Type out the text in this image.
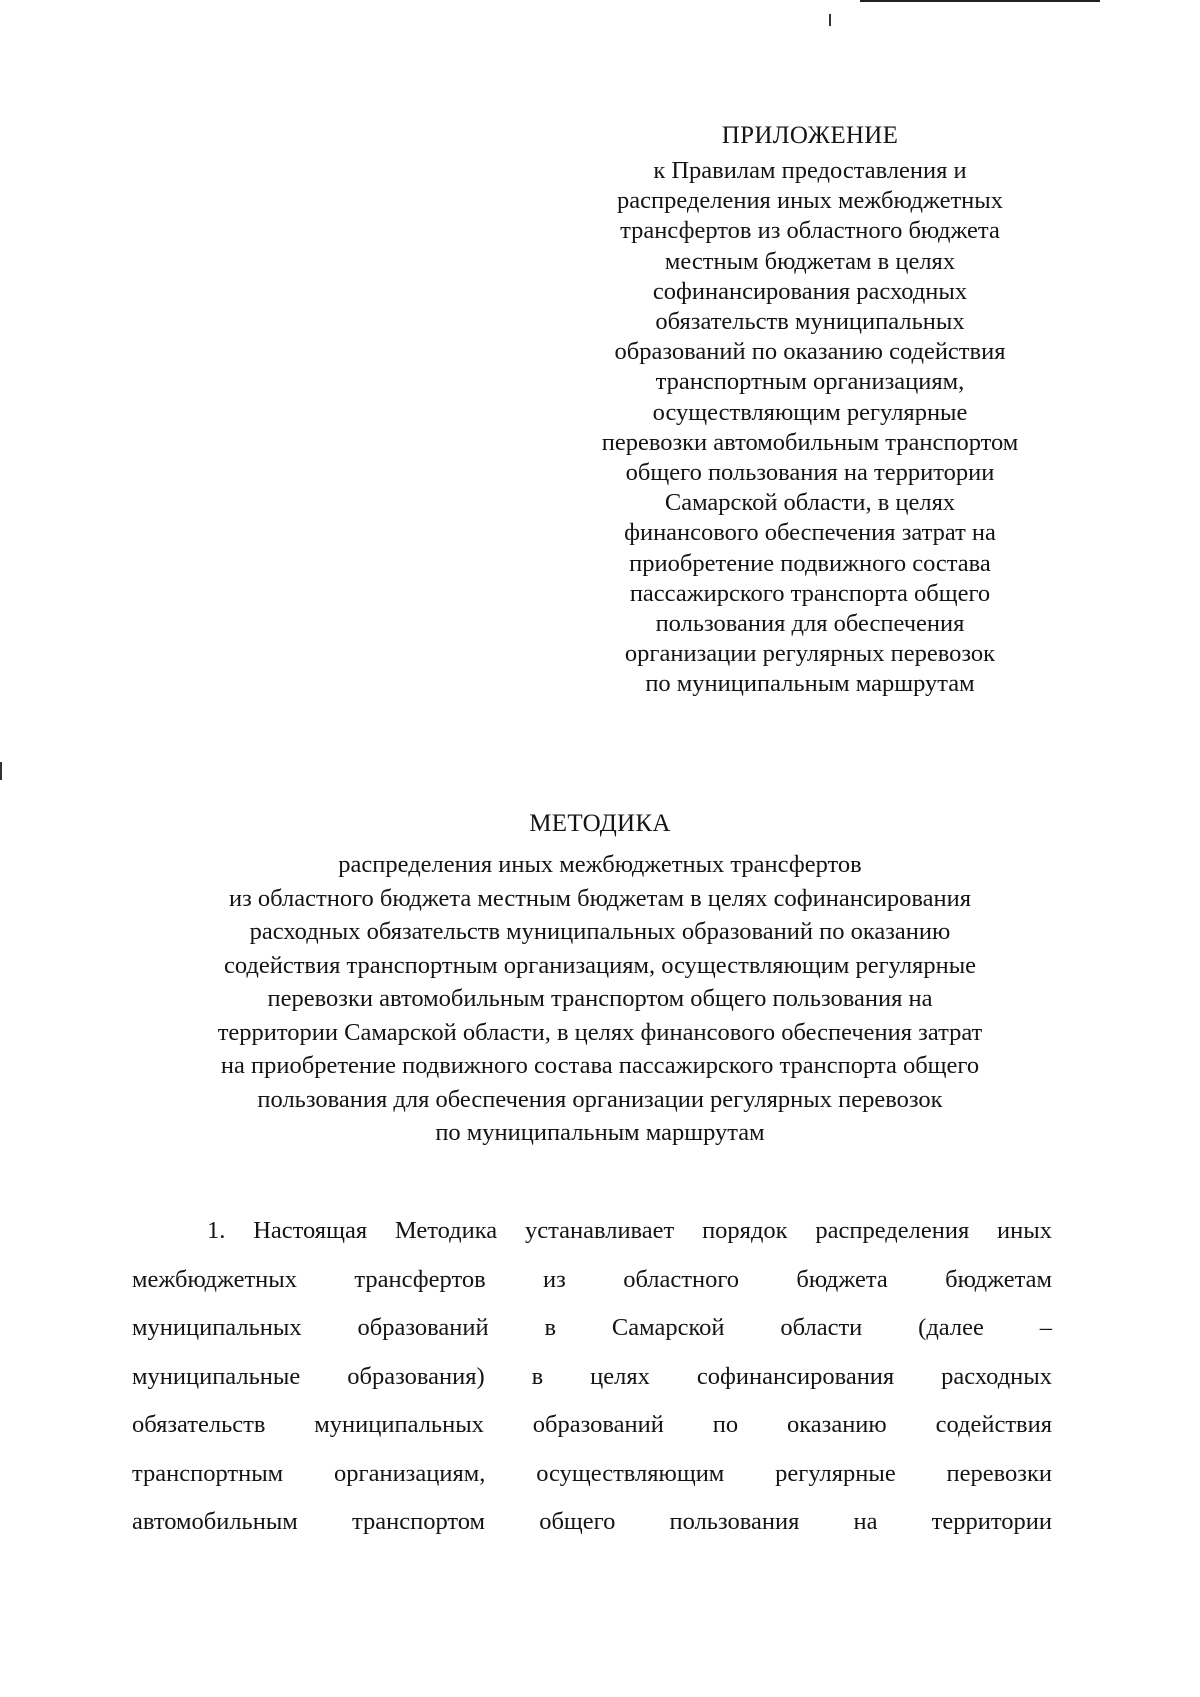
ПРИЛОЖЕНИЕ
к Правилам предоставления и
распределения иных межбюджетных
трансфертов из областного бюджета
местным бюджетам в целях
софинансирования расходных
обязательств муниципальных
образований по оказанию содействия
транспортным организациям,
осуществляющим регулярные
перевозки автомобильным транспортом
общего пользования на территории
Самарской области, в целях
финансового обеспечения затрат на
приобретение подвижного состава
пассажирского транспорта общего
пользования для обеспечения
организации регулярных перевозок
по муниципальным маршрутам
МЕТОДИКА
распределения иных межбюджетных трансфертов
из областного бюджета местным бюджетам в целях софинансирования
расходных обязательств муниципальных образований по оказанию
содействия транспортным организациям, осуществляющим регулярные
перевозки автомобильным транспортом общего пользования на
территории Самарской области, в целях финансового обеспечения затрат
на приобретение подвижного состава пассажирского транспорта общего
пользования для обеспечения организации регулярных перевозок
по муниципальным маршрутам
1. Настоящая Методика устанавливает порядок распределения иных
межбюджетных трансфертов из областного бюджета бюджетам
муниципальных образований в Самарской области (далее –
муниципальные образования) в целях софинансирования расходных
обязательств муниципальных образований по оказанию содействия
транспортным организациям, осуществляющим регулярные перевозки
автомобильным транспортом общего пользования на территории
